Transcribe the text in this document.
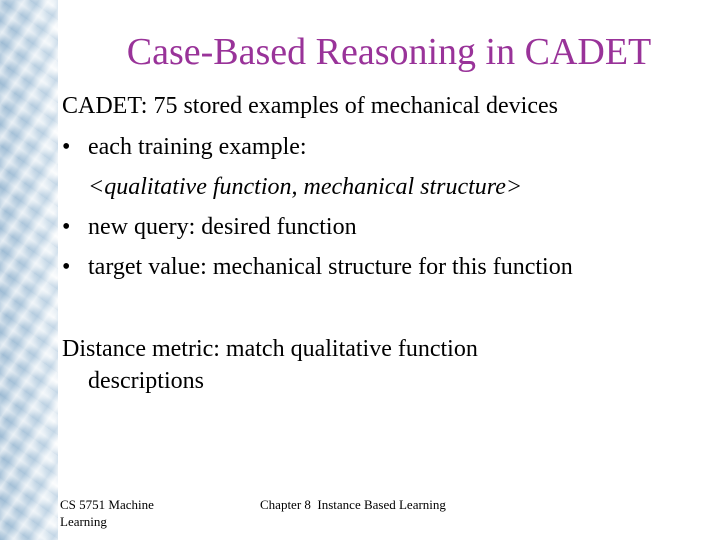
Case-Based Reasoning in CADET
CADET: 75 stored examples of mechanical devices
• each training example:
<qualitative function, mechanical structure>
• new query: desired function
• target value: mechanical structure for this function
Distance metric: match qualitative function
descriptions
CS 5751 Machine
Learning
Chapter 8  Instance Based Learning
